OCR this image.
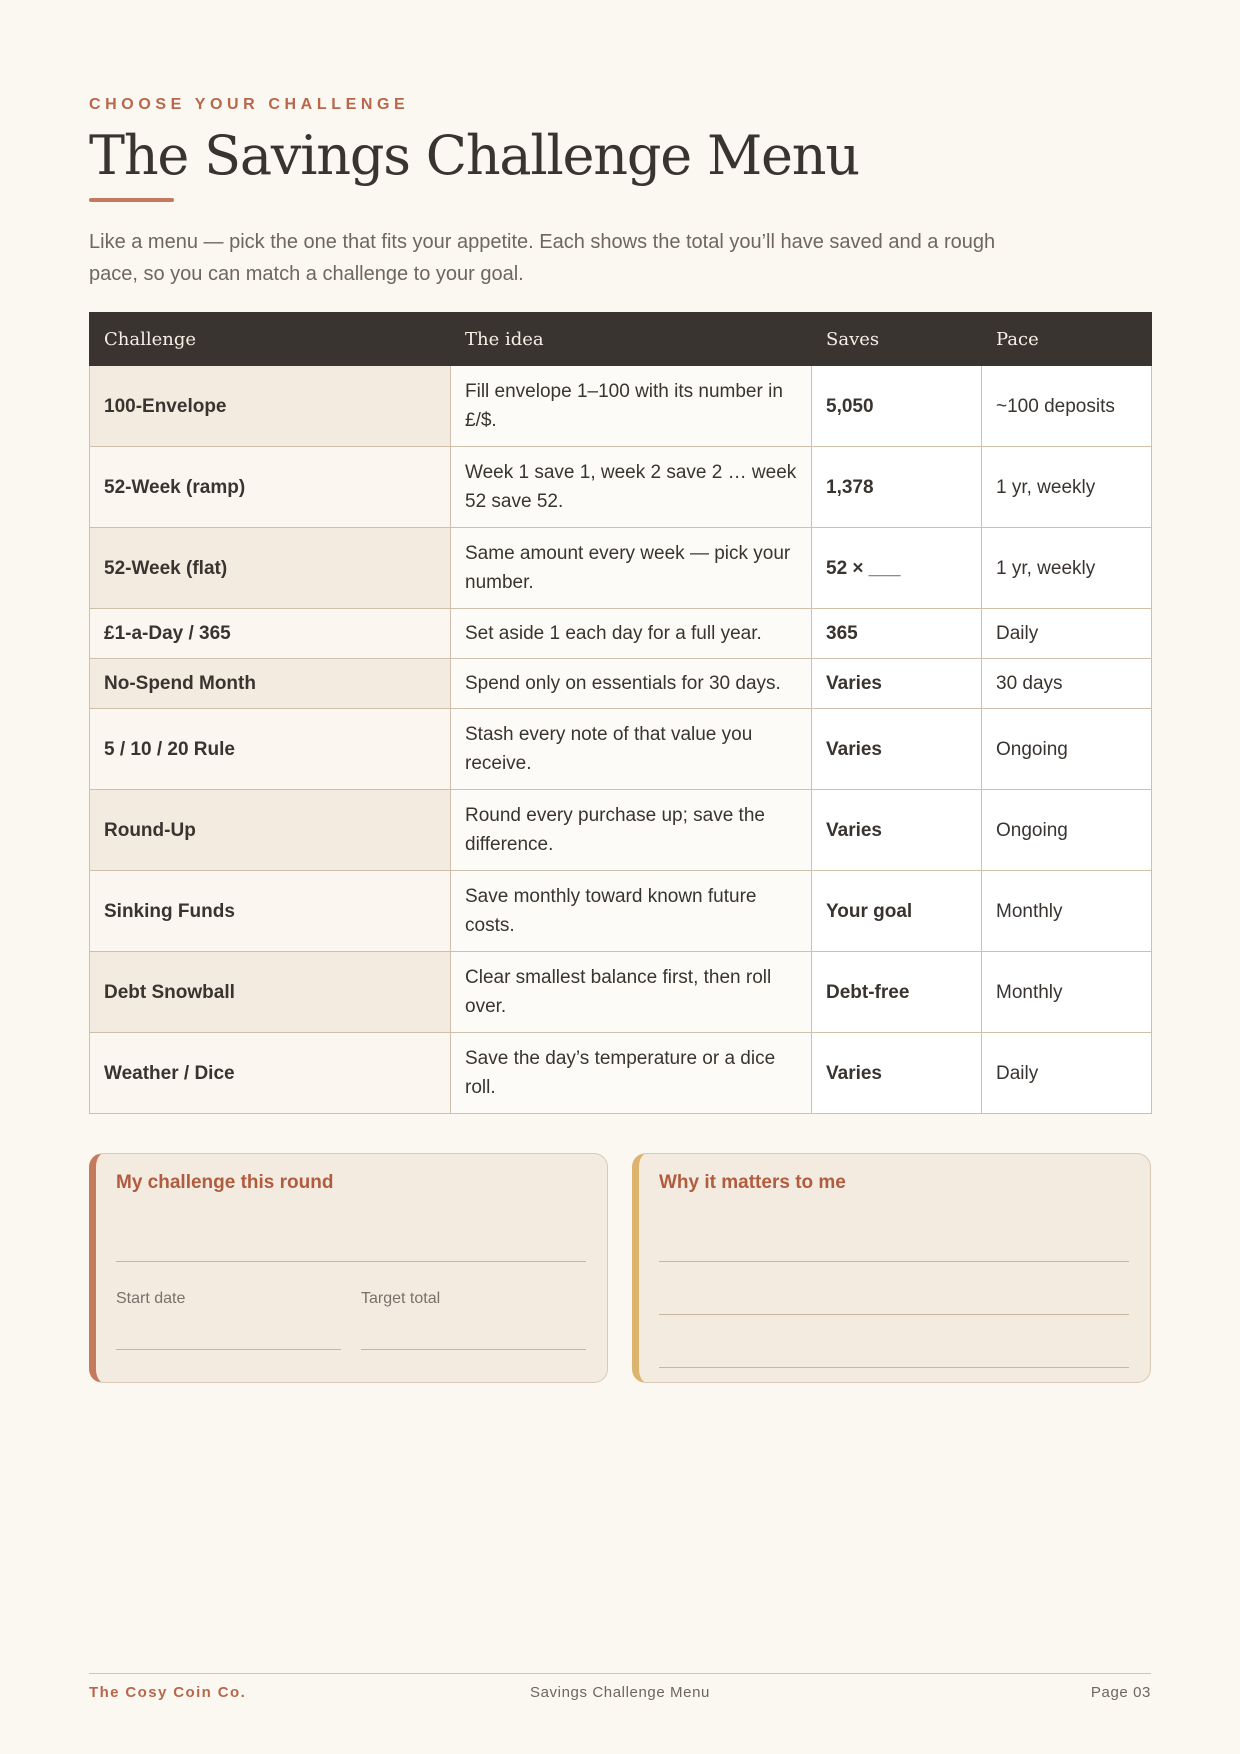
CHOOSE YOUR CHALLENGE
The Savings Challenge Menu

Like a menu — pick the one that fits your appetite. Each shows the total you’ll have saved and a rough pace, so you can match a challenge to your goal.

Challenge	The idea	Saves	Pace
100-Envelope	Fill envelope 1–100 with its number in £/$.	5,050	~100 deposits
52-Week (ramp)	Week 1 save 1, week 2 save 2 … week 52 save 52.	1,378	1 yr, weekly
52-Week (flat)	Same amount every week — pick your number.	52 × ___	1 yr, weekly
£1-a-Day / 365	Set aside 1 each day for a full year.	365	Daily
No-Spend Month	Spend only on essentials for 30 days.	Varies	30 days
5 / 10 / 20 Rule	Stash every note of that value you receive.	Varies	Ongoing
Round-Up	Round every purchase up; save the difference.	Varies	Ongoing
Sinking Funds	Save monthly toward known future costs.	Your goal	Monthly
Debt Snowball	Clear smallest balance first, then roll over.	Debt-free	Monthly
Weather / Dice	Save the day’s temperature or a dice roll.	Varies	Daily
My challenge this round
Start date	Target total
Why it matters to me
The Cosy Coin Co.	Savings Challenge Menu	Page 03
